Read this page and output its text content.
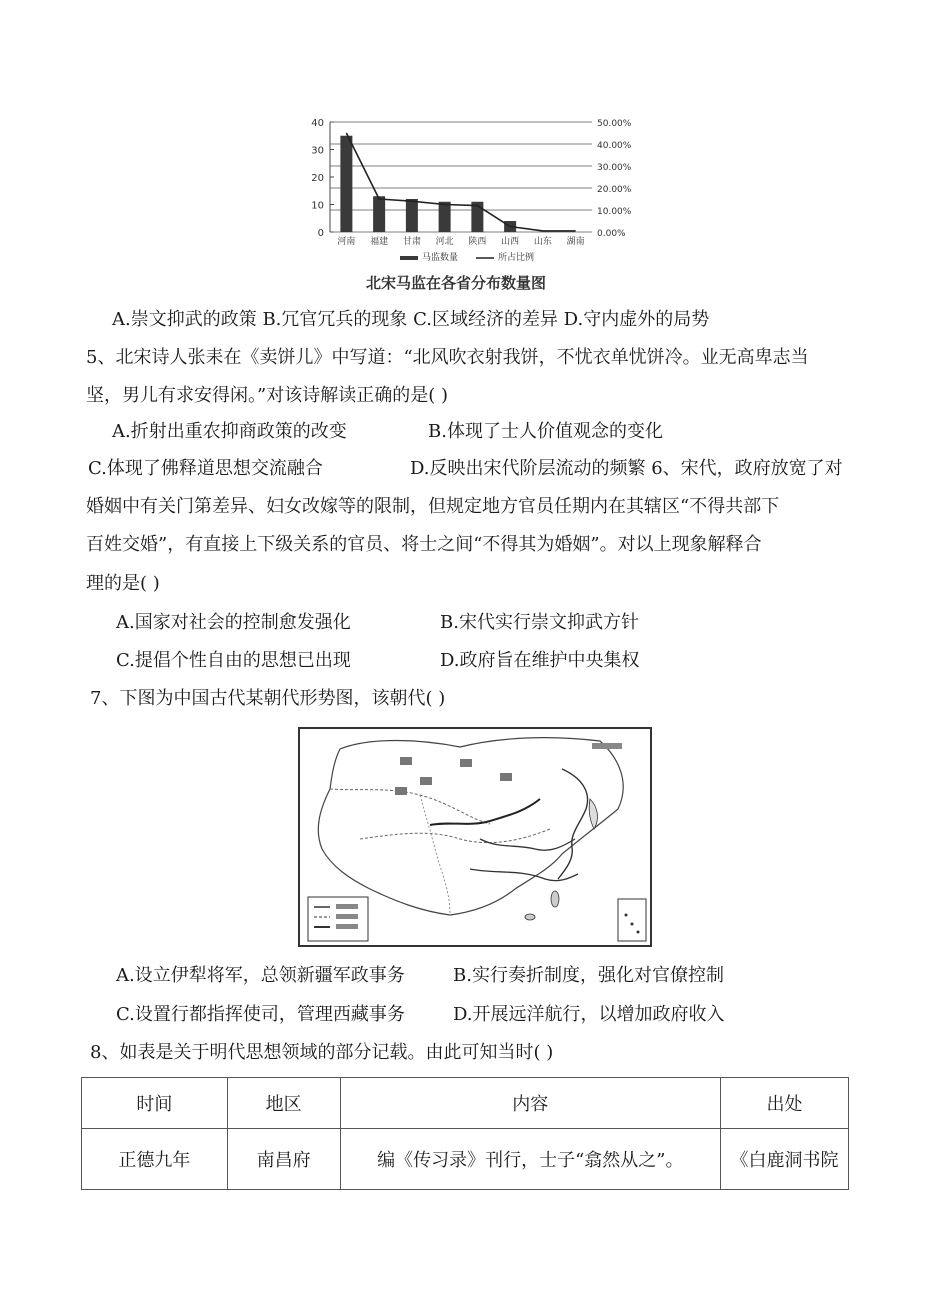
40
30
20
10
0
50.00%
40.00%
30.00%
20.00%
10.00%
0.00%
河南 福建 甘肃 河北 陕西 山西 山东 湖南
马监数量	所占比例
北宋马监在各省分布数量图
A.崇文抑武的政策 B.冗官冗兵的现象 C.区域经济的差异 D.守内虚外的局势
5、北宋诗人张耒在《卖饼儿》中写道：“北风吹衣射我饼，不忧衣单忧饼冷。业无高卑志当
坚，男儿有求安得闲。”对该诗解读正确的是( )
A.折射出重农抑商政策的改变	B.体现了士人价值观念的变化
C.体现了佛释道思想交流融合	D.反映出宋代阶层流动的频繁 6、宋代，政府放宽了对
婚姻中有关门第差异、妇女改嫁等的限制，但规定地方官员任期内在其辖区“不得共部下
百姓交婚”，有直接上下级关系的官员、将士之间“不得其为婚姻”。对以上现象解释合
理的是( )
A.国家对社会的控制愈发强化	B.宋代实行崇文抑武方针
C.提倡个性自由的思想已出现	D.政府旨在维护中央集权
7、下图为中国古代某朝代形势图，该朝代( )
A.设立伊犁将军，总领新疆军政事务	B.实行奏折制度，强化对官僚控制
C.设置行都指挥使司，管理西藏事务	D.开展远洋航行，以增加政府收入
8、如表是关于明代思想领域的部分记载。由此可知当时( )
时间	地区	内容	出处
正德九年	南昌府	编《传习录》刊行，士子“翕然从之”。	《白鹿洞书院
